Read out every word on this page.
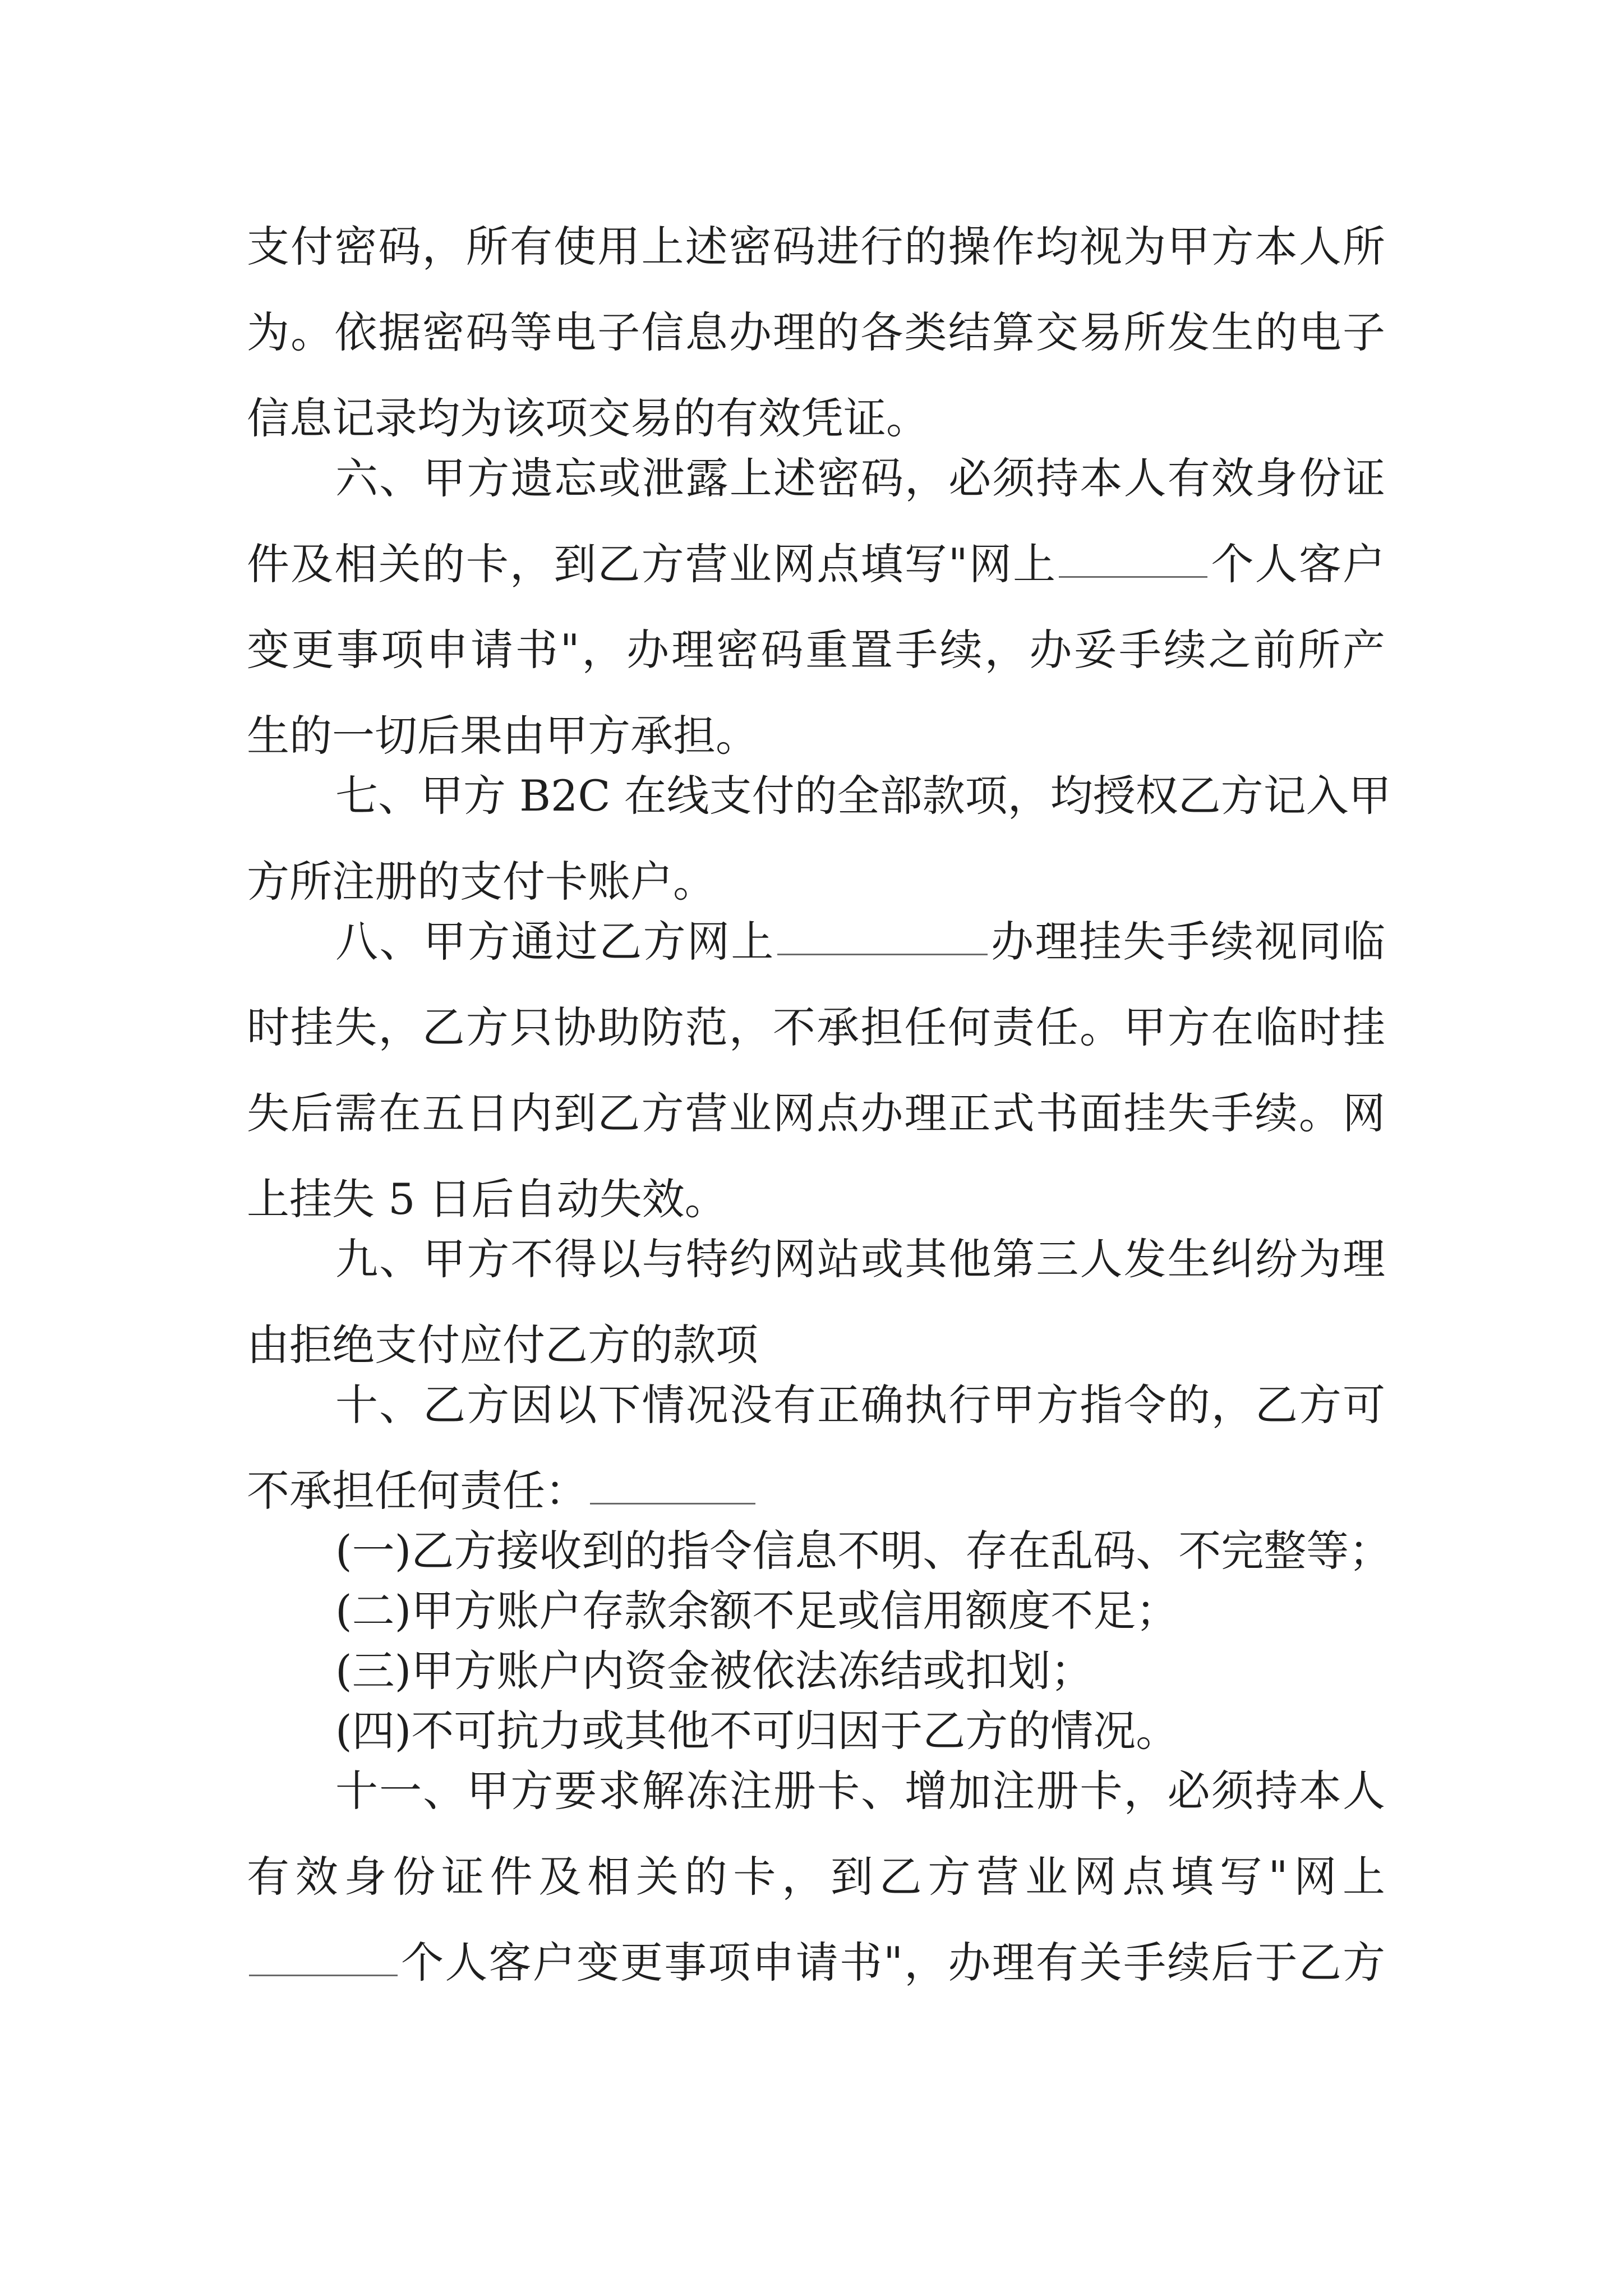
支付密码，所有使用上述密码进行的操作均视为甲方本人所
为。依据密码等电子信息办理的各类结算交易所发生的电子
信息记录均为该项交易的有效凭证。
六、甲方遗忘或泄露上述密码，必须持本人有效身份证
件及相关的卡，到乙方营业网点填写"网上	个人客户
变更事项申请书"，办理密码重置手续，办妥手续之前所产
生的一切后果由甲方承担。
七、甲方 B2C 在线支付的全部款项，均授权乙方记入甲
方所注册的支付卡账户。
八、甲方通过乙方网上	办理挂失手续视同临
时挂失，乙方只协助防范，不承担任何责任。甲方在临时挂
失后需在五日内到乙方营业网点办理正式书面挂失手续。网
上挂失 5 日后自动失效。
九、甲方不得以与特约网站或其他第三人发生纠纷为理
由拒绝支付应付乙方的款项
十、乙方因以下情况没有正确执行甲方指令的，乙方可
不承担任何责任：
(一)乙方接收到的指令信息不明、存在乱码、不完整等；
(二)甲方账户存款余额不足或信用额度不足；
(三)甲方账户内资金被依法冻结或扣划；
(四)不可抗力或其他不可归因于乙方的情况。
十一、甲方要求解冻注册卡、增加注册卡，必须持本人
有效身份证件及相关的卡，到乙方营业网点填写"网上
个人客户变更事项申请书"，办理有关手续后于乙方
